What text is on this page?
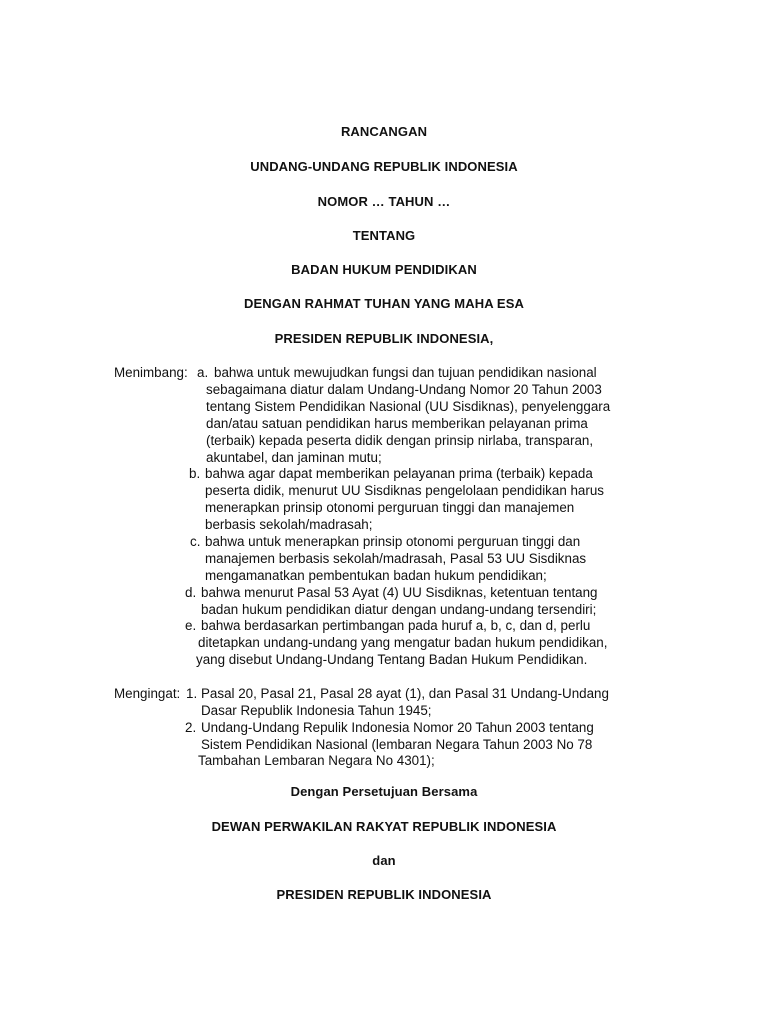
RANCANGAN
UNDANG-UNDANG REPUBLIK INDONESIA
NOMOR … TAHUN …
TENTANG
BADAN HUKUM PENDIDIKAN
DENGAN RAHMAT TUHAN YANG MAHA ESA
PRESIDEN REPUBLIK INDONESIA,
Menimbang: a. bahwa untuk mewujudkan fungsi dan tujuan pendidikan nasional
sebagaimana diatur dalam Undang-Undang Nomor 20 Tahun 2003
tentang Sistem Pendidikan Nasional (UU Sisdiknas), penyelenggara
dan/atau satuan pendidikan harus memberikan pelayanan prima
(terbaik) kepada peserta didik dengan prinsip nirlaba, transparan,
akuntabel, dan jaminan mutu;
b. bahwa agar dapat memberikan pelayanan prima (terbaik) kepada
peserta didik, menurut UU Sisdiknas pengelolaan pendidikan harus
menerapkan prinsip otonomi perguruan tinggi dan manajemen
berbasis sekolah/madrasah;
c. bahwa untuk menerapkan prinsip otonomi perguruan tinggi dan
manajemen berbasis sekolah/madrasah, Pasal 53 UU Sisdiknas
mengamanatkan pembentukan badan hukum pendidikan;
d. bahwa menurut Pasal 53 Ayat (4) UU Sisdiknas, ketentuan tentang
badan hukum pendidikan diatur dengan undang-undang tersendiri;
e. bahwa berdasarkan pertimbangan pada huruf a, b, c, dan d, perlu
ditetapkan undang-undang yang mengatur badan hukum pendidikan,
yang disebut Undang-Undang Tentang Badan Hukum Pendidikan.
Mengingat: 1. Pasal 20, Pasal 21, Pasal 28 ayat (1), dan Pasal 31 Undang-Undang
Dasar Republik Indonesia Tahun 1945;
2. Undang-Undang Repulik Indonesia Nomor 20 Tahun 2003 tentang
Sistem Pendidikan Nasional (lembaran Negara Tahun 2003 No 78
Tambahan Lembaran Negara No 4301);
Dengan Persetujuan Bersama
DEWAN PERWAKILAN RAKYAT REPUBLIK INDONESIA
dan
PRESIDEN REPUBLIK INDONESIA
